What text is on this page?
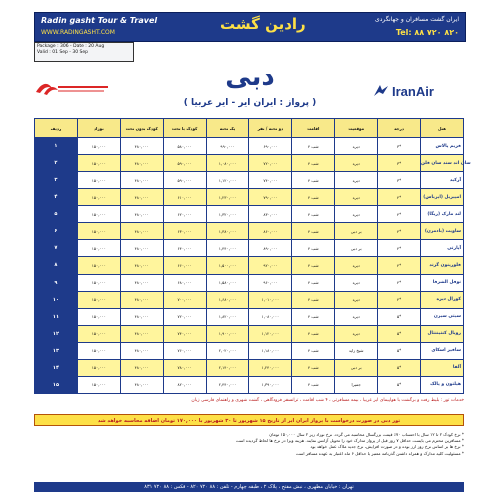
Radin gasht Tour & Travel
WWW.RADINGASHT.COM	رادین گشت	ایران گشت مسافران و جهانگردی
Tel: ۸۸ ۷۲۰ ۸۲۰
Package : 306 - Date : 20 Aug
Valid : 01 Sep - 30 Sep
دبی	IranAir
( پرواز : ایران ایر - ایر عربیا )
ردیف	نوزاد	کودک بدون تخت	کودک با تخت	یک تخته	دو تخته / نفر	اقامت	موقعیت	درجه	هتل
۱	۱۵۰,۰۰۰	۴۸۰,۰۰۰	۵۸۰,۰۰۰	۹۹۰,۰۰۰	۶۹۰,۰۰۰	۴ شب	دیره	۳*	فریم پالاس
۲	۱۵۰,۰۰۰	۴۸۰,۰۰۰	۵۹۰,۰۰۰	۱,۰۸۰,۰۰۰	۷۲۰,۰۰۰	۴ شب	دیره	۳*	سان اند سند سان فلن
۳	۱۵۰,۰۰۰	۴۸۰,۰۰۰	۵۹۰,۰۰۰	۱,۱۲۰,۰۰۰	۷۴۰,۰۰۰	۴ شب	دیره	۳*	آرکید
۴	۱۵۰,۰۰۰	۴۸۰,۰۰۰	۶۱۰,۰۰۰	۱,۲۳۰,۰۰۰	۷۹۰,۰۰۰	۴ شب	دیره	۴*	امپیریل (ایرباس)
۵	۱۵۰,۰۰۰	۴۸۰,۰۰۰	۶۲۰,۰۰۰	۱,۳۲۰,۰۰۰	۸۳۰,۰۰۰	۴ شب	دیره	۴*	لند مارک (ریگا)
۶	۱۵۰,۰۰۰	۴۸۰,۰۰۰	۶۳۰,۰۰۰	۱,۳۸۰,۰۰۰	۸۶۰,۰۰۰	۴ شب	بر دبی	۴*	ساویت (بادمزن)
۷	۱۵۰,۰۰۰	۴۸۰,۰۰۰	۶۴۰,۰۰۰	۱,۴۴۰,۰۰۰	۸۹۰,۰۰۰	۴ شب	بر دبی	۴*	آپارتی
۸	۱۵۰,۰۰۰	۴۸۰,۰۰۰	۶۶۰,۰۰۰	۱,۵۰۰,۰۰۰	۹۲۰,۰۰۰	۴ شب	دیره	۴*	فلورینون گرند
۹	۱۵۰,۰۰۰	۴۸۰,۰۰۰	۶۸۰,۰۰۰	۱,۵۸۰,۰۰۰	۹۶۰,۰۰۰	۴ شب	دیره	۴*	نوفل الشرفا
۱۰	۱۵۰,۰۰۰	۴۸۰,۰۰۰	۷۰۰,۰۰۰	۱,۶۸۰,۰۰۰	۱,۰۱۰,۰۰۰	۴ شب	دیره	۴*	کورال دیره
۱۱	۱۵۰,۰۰۰	۴۸۰,۰۰۰	۷۲۰,۰۰۰	۱,۸۲۰,۰۰۰	۱,۰۸۰,۰۰۰	۴ شب	دیره	۵*	سیتی سیزن
۱۲	۱۵۰,۰۰۰	۴۸۰,۰۰۰	۷۴۰,۰۰۰	۱,۹۰۰,۰۰۰	۱,۱۲۰,۰۰۰	۴ شب	دیره	۵*	رویال کنتیننتال
۱۳	۱۵۰,۰۰۰	۴۸۰,۰۰۰	۷۶۰,۰۰۰	۲,۰۲۰,۰۰۰	۱,۱۸۰,۰۰۰	۴ شب	شیخ زاید	۵*	سافیر اسکای
۱۴	۱۵۰,۰۰۰	۴۸۰,۰۰۰	۷۸۰,۰۰۰	۲,۱۴۰,۰۰۰	۱,۲۴۰,۰۰۰	۴ شب	بر دبی	۵*	آلفا
۱۵	۱۵۰,۰۰۰	۴۸۰,۰۰۰	۸۲۰,۰۰۰	۲,۴۴۰,۰۰۰	۱,۳۹۰,۰۰۰	۴ شب	جمیرا	۵*	هیلتون و پالک
خدمات تور : بلیط رفت و برگشت با هواپیمای ایر عربیا ، بیمه مسافرتی ، ۴ شب اقامت ، ترانسفر فرودگاهی ، گشت شهری و راهنمای فارسی زبان
تور دبی در صورت درخواست با پرواز ایران ایر از تاریخ ۱۵ شهریور تا ۳۰ شهریور با ۱۷۰,۰۰۰ تومان اضافه محاسبه خواهد شد
* نرخ کودک ۲ تا ۱۲ سال با احتساب ۷۰٪ قیمت بزرگسال محاسبه می گردد. نرخ نوزاد زیر ۲ سال ۱۵۰,۰۰۰ تومان
* مسافرین محترم می بایست حداقل ۷ روز قبل از پرواز مدارک خود را تحویل آژانس نمایند. هزینه ویزا در نرخ ها لحاظ گردیده است
* نرخ ها بر اساس نرخ روز ارز بوده و در صورت افزایش، نرخ جدید ملاک عمل خواهد بود
* مسئولیت کلیه مدارک و همراه داشتن گذرنامه معتبر با حداقل ۶ ماه اعتبار به عهده مسافر است
تهران : خیابان مطهری ، نبش مفتح ، پلاک ۲ ، طبقه چهارم - تلفن : ۸۸ ۷۲۰ ۸۲۰ - فکس : ۸۸ ۷۲۰ ۸۳۱
